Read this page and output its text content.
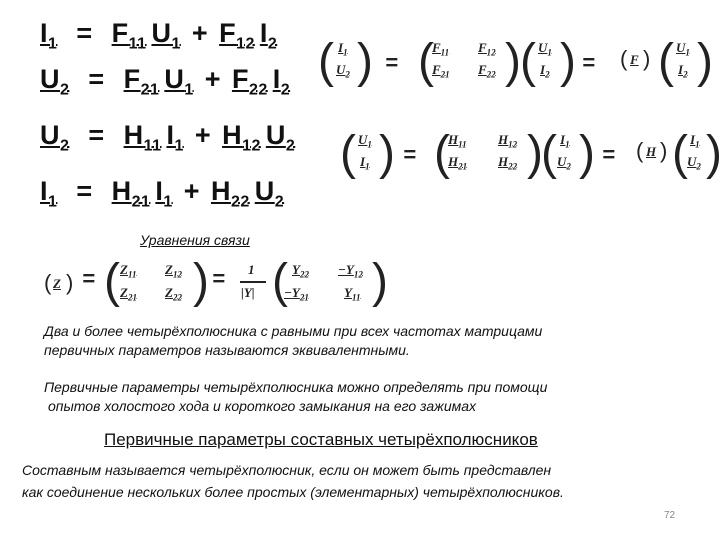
$I_1 = F_{11}$ $U_1 + F_{12}$ $I_2$
$U_2 = F_{21}$ $U_1 + F_{22}$ $I_2$
$U_2 = H_{11}$ $I_1 + H_{12}$ $U_2$
$I_1 = H_{21}$ $I_1 + H_{22}$ $U_2$
( $I_1$
$U_2$ ) = (
$F_{11}$ $F_{12}$
$F_{21}$ $F_{22}$ ) ( $U_1$
$I_2$ ) = ( F ) ( $U_1$
$I_2$ )
( $U_1$
$I_1$ ) = (
$H_{11}$ $H_{12}$
$H_{21}$ $H_{22}$ )
( $I_1$
$U_2$ ) = ( H ) ( $I_1$
$U_2$ )
Уравнения связи
( Z ) = ( $Z_{11}$ $Z_{12}$
$Z_{21}$ $Z_{22}$ ) = 1
|Y| ( $Y_{22} -Y_{12}$
$-Y_{21}$	$Y_{11}$ )
Два и более четырёхполюсника с равными при всех частотах матрицами
первичных параметров называются эквивалентными.
Первичные параметры четырёхполюсника можно определять при помощи
опытов холостого хода и короткого замыкания на его зажимах
Первичные параметры составных четырёхполюсников
Составным называется четырёхполюсник, если он может быть представлен
как соединение нескольких более простых (элементарных) четырёхполюсников.
72
